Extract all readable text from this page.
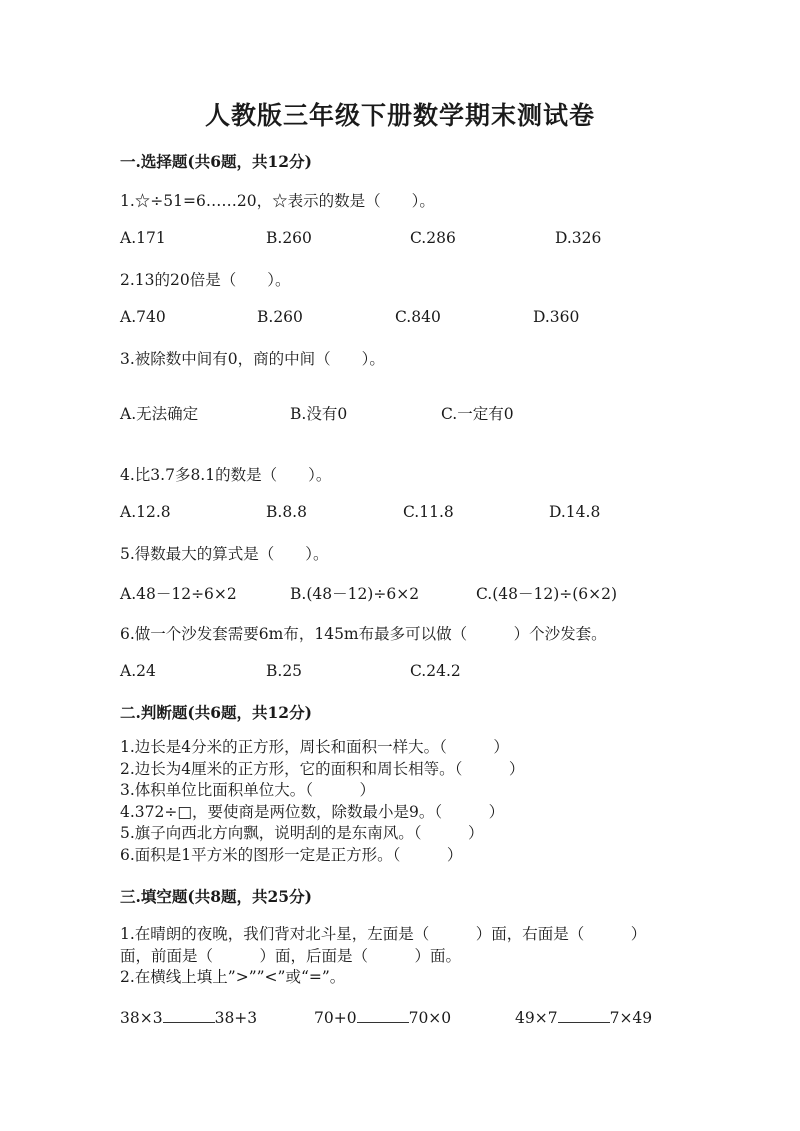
人教版三年级下册数学期末测试卷
一.选择题(共6题，共12分)
1.☆÷51=6……20，☆表示的数是（　　）。
A.171	B.260	C.286	D.326
2.13的20倍是（　　）。
A.740	B.260	C.840	D.360
3.被除数中间有0，商的中间（　　）。
A.无法确定	B.没有0	C.一定有0
4.比3.7多8.1的数是（　　）。
A.12.8	B.8.8	C.11.8	D.14.8
5.得数最大的算式是（　　）。
A.48－12÷6×2	B.(48－12)÷6×2	C.(48－12)÷(6×2)
6.做一个沙发套需要6m布，145m布最多可以做（　　　）个沙发套。
A.24	B.25	C.24.2
二.判断题(共6题，共12分)
1.边长是4分米的正方形，周长和面积一样大。（　　　）
2.边长为4厘米的正方形，它的面积和周长相等。（　　　）
3.体积单位比面积单位大。（　　　）
4.372÷□，要使商是两位数，除数最小是9。（　　　）
5.旗子向西北方向飘，说明刮的是东南风。（　　　）
6.面积是1平方米的图形一定是正方形。（　　　）
三.填空题(共8题，共25分)
1.在晴朗的夜晚，我们背对北斗星，左面是（　　　）面，右面是（　　　）
面，前面是（　　　）面，后面是（　　　）面。
2.在横线上填上”>””<”或“=”。
38×3	38+3	70+0	70×0	49×7	7×49
